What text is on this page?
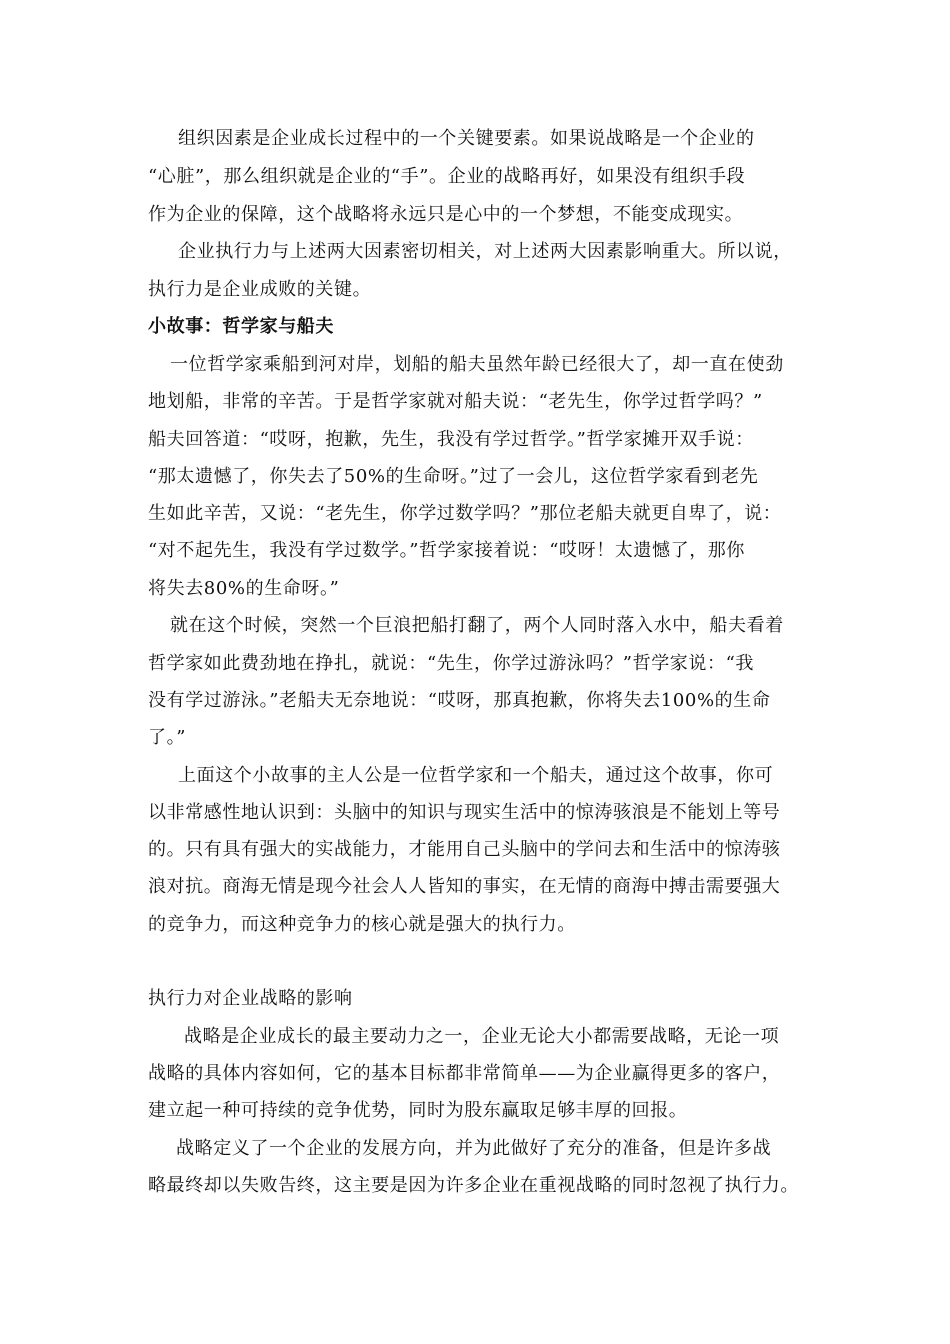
组织因素是企业成长过程中的一个关键要素。如果说战略是一个企业的
“心脏”，那么组织就是企业的“手”。企业的战略再好，如果没有组织手段
作为企业的保障，这个战略将永远只是心中的一个梦想，不能变成现实。
企业执行力与上述两大因素密切相关，对上述两大因素影响重大。所以说，
执行力是企业成败的关键。
小故事：哲学家与船夫
一位哲学家乘船到河对岸，划船的船夫虽然年龄已经很大了，却一直在使劲
地划船，非常的辛苦。于是哲学家就对船夫说：“老先生，你学过哲学吗？”
船夫回答道：“哎呀，抱歉，先生，我没有学过哲学。”哲学家摊开双手说：
“那太遗憾了，你失去了50%的生命呀。”过了一会儿，这位哲学家看到老先
生如此辛苦，又说：“老先生，你学过数学吗？”那位老船夫就更自卑了，说：
“对不起先生，我没有学过数学。”哲学家接着说：“哎呀！太遗憾了，那你
将失去80%的生命呀。”
就在这个时候，突然一个巨浪把船打翻了，两个人同时落入水中，船夫看着
哲学家如此费劲地在挣扎，就说：“先生，你学过游泳吗？”哲学家说：“我
没有学过游泳。”老船夫无奈地说：“哎呀，那真抱歉，你将失去100%的生命
了。”
上面这个小故事的主人公是一位哲学家和一个船夫，通过这个故事，你可
以非常感性地认识到：头脑中的知识与现实生活中的惊涛骇浪是不能划上等号
的。只有具有强大的实战能力，才能用自己头脑中的学问去和生活中的惊涛骇
浪对抗。商海无情是现今社会人人皆知的事实，在无情的商海中搏击需要强大
的竞争力，而这种竞争力的核心就是强大的执行力。
执行力对企业战略的影响
战略是企业成长的最主要动力之一，企业无论大小都需要战略，无论一项
战略的具体内容如何，它的基本目标都非常简单——为企业赢得更多的客户，
建立起一种可持续的竞争优势，同时为股东赢取足够丰厚的回报。
战略定义了一个企业的发展方向，并为此做好了充分的准备，但是许多战
略最终却以失败告终，这主要是因为许多企业在重视战略的同时忽视了执行力。
